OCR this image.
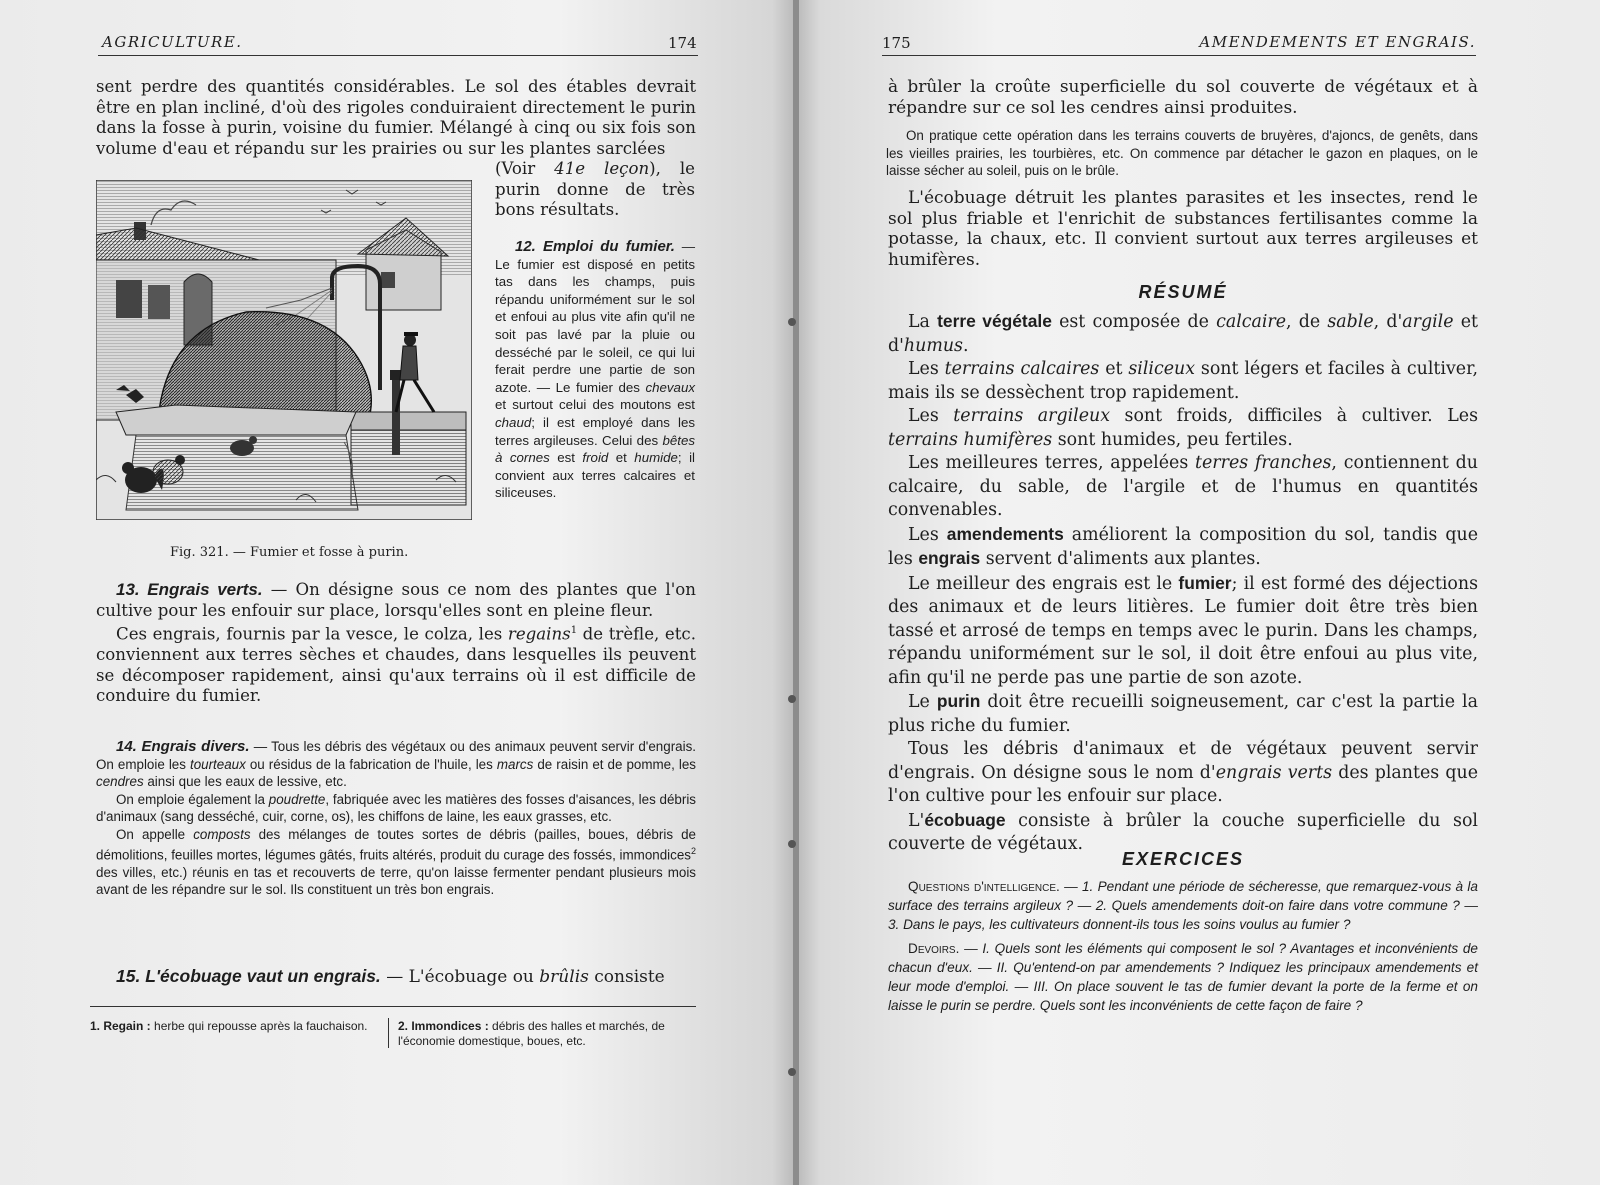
AGRICULTURE.	174

sent perdre des quantités considérables. Le sol des étables devrait être en plan incliné, d'où des rigoles conduiraient directement le purin dans la fosse à purin, voisine du fumier. Mélangé à cinq ou six fois son volume d'eau et répandu sur les prairies ou sur les plantes sarclées

Fig. 321. — Fumier et fosse à purin.
(Voir 41e leçon), le purin donne de très bons résultats.

12. Emploi du fumier. — Le fumier est disposé en petits tas dans les champs, puis répandu uniformément sur le sol et enfoui au plus vite afin qu'il ne soit pas lavé par la pluie ou desséché par le soleil, ce qui lui ferait perdre une partie de son azote. — Le fumier des chevaux et surtout celui des moutons est chaud; il est employé dans les terres argileuses. Celui des bêtes à cornes est froid et humide; il convient aux terres calcaires et siliceuses.

13. Engrais verts. — On désigne sous ce nom des plantes que l'on cultive pour les enfouir sur place, lorsqu'elles sont en pleine fleur.

Ces engrais, fournis par la vesce, le colza, les regains$^1$ de trèfle, etc. conviennent aux terres sèches et chaudes, dans lesquelles ils peuvent se décomposer rapidement, ainsi qu'aux terrains où il est difficile de conduire du fumier.

14. Engrais divers. — Tous les débris des végétaux ou des animaux peuvent servir d'engrais. On emploie les tourteaux ou résidus de la fabrication de l'huile, les marcs de raisin et de pomme, les cendres ainsi que les eaux de lessive, etc.

On emploie également la poudrette, fabriquée avec les matières des fosses d'aisances, les débris d'animaux (sang desséché, cuir, corne, os), les chiffons de laine, les eaux grasses, etc.

On appelle composts des mélanges de toutes sortes de débris (pailles, boues, débris de démolitions, feuilles mortes, légumes gâtés, fruits altérés, produit du curage des fossés, immondices$^2$ des villes, etc.) réunis en tas et recouverts de terre, qu'on laisse fermenter pendant plusieurs mois avant de les répandre sur le sol. Ils constituent un très bon engrais.

15. L'écobuage vaut un engrais. — L'écobuage ou brûlis consiste

1. Regain : herbe qui repousse après la fauchaison.	2. Immondices : débris des halles et marchés, de l'économie domestique, boues, etc.
175	AMENDEMENTS ET ENGRAIS.
à brûler la croûte superficielle du sol couverte de végétaux et à répandre sur ce sol les cendres ainsi produites.

On pratique cette opération dans les terrains couverts de bruyères, d'ajoncs, de genêts, dans les vieilles prairies, les tourbières, etc. On commence par détacher le gazon en plaques, on le laisse sécher au soleil, puis on le brûle.

L'écobuage détruit les plantes parasites et les insectes, rend le sol plus friable et l'enrichit de substances fertilisantes comme la potasse, la chaux, etc. Il convient surtout aux terres argileuses et humifères.

RÉSUMÉ

La terre végétale est composée de calcaire, de sable, d'argile et d'humus.

Les terrains calcaires et siliceux sont légers et faciles à cultiver, mais ils se dessèchent trop rapidement.

Les terrains argileux sont froids, difficiles à cultiver. Les terrains humifères sont humides, peu fertiles.

Les meilleures terres, appelées terres franches, contiennent du calcaire, du sable, de l'argile et de l'humus en quantités convenables.

Les amendements améliorent la composition du sol, tandis que les engrais servent d'aliments aux plantes.

Le meilleur des engrais est le fumier; il est formé des déjections des animaux et de leurs litières. Le fumier doit être très bien tassé et arrosé de temps en temps avec le purin. Dans les champs, répandu uniformément sur le sol, il doit être enfoui au plus vite, afin qu'il ne perde pas une partie de son azote.

Le purin doit être recueilli soigneusement, car c'est la partie la plus riche du fumier.

Tous les débris d'animaux et de végétaux peuvent servir d'engrais. On désigne sous le nom d'engrais verts des plantes que l'on cultive pour les enfouir sur place.

L'écobuage consiste à brûler la couche superficielle du sol couverte de végétaux.

EXERCICES

Questions d'intelligence. — 1. Pendant une période de sécheresse, que remarquez-vous à la surface des terrains argileux ? — 2. Quels amendements doit-on faire dans votre commune ? — 3. Dans le pays, les cultivateurs donnent-ils tous les soins voulus au fumier ?

Devoirs. — I. Quels sont les éléments qui composent le sol ? Avantages et inconvénients de chacun d'eux. — II. Qu'entend-on par amendements ? Indiquez les principaux amendements et leur mode d'emploi. — III. On place souvent le tas de fumier devant la porte de la ferme et on laisse le purin se perdre. Quels sont les inconvénients de cette façon de faire ?
